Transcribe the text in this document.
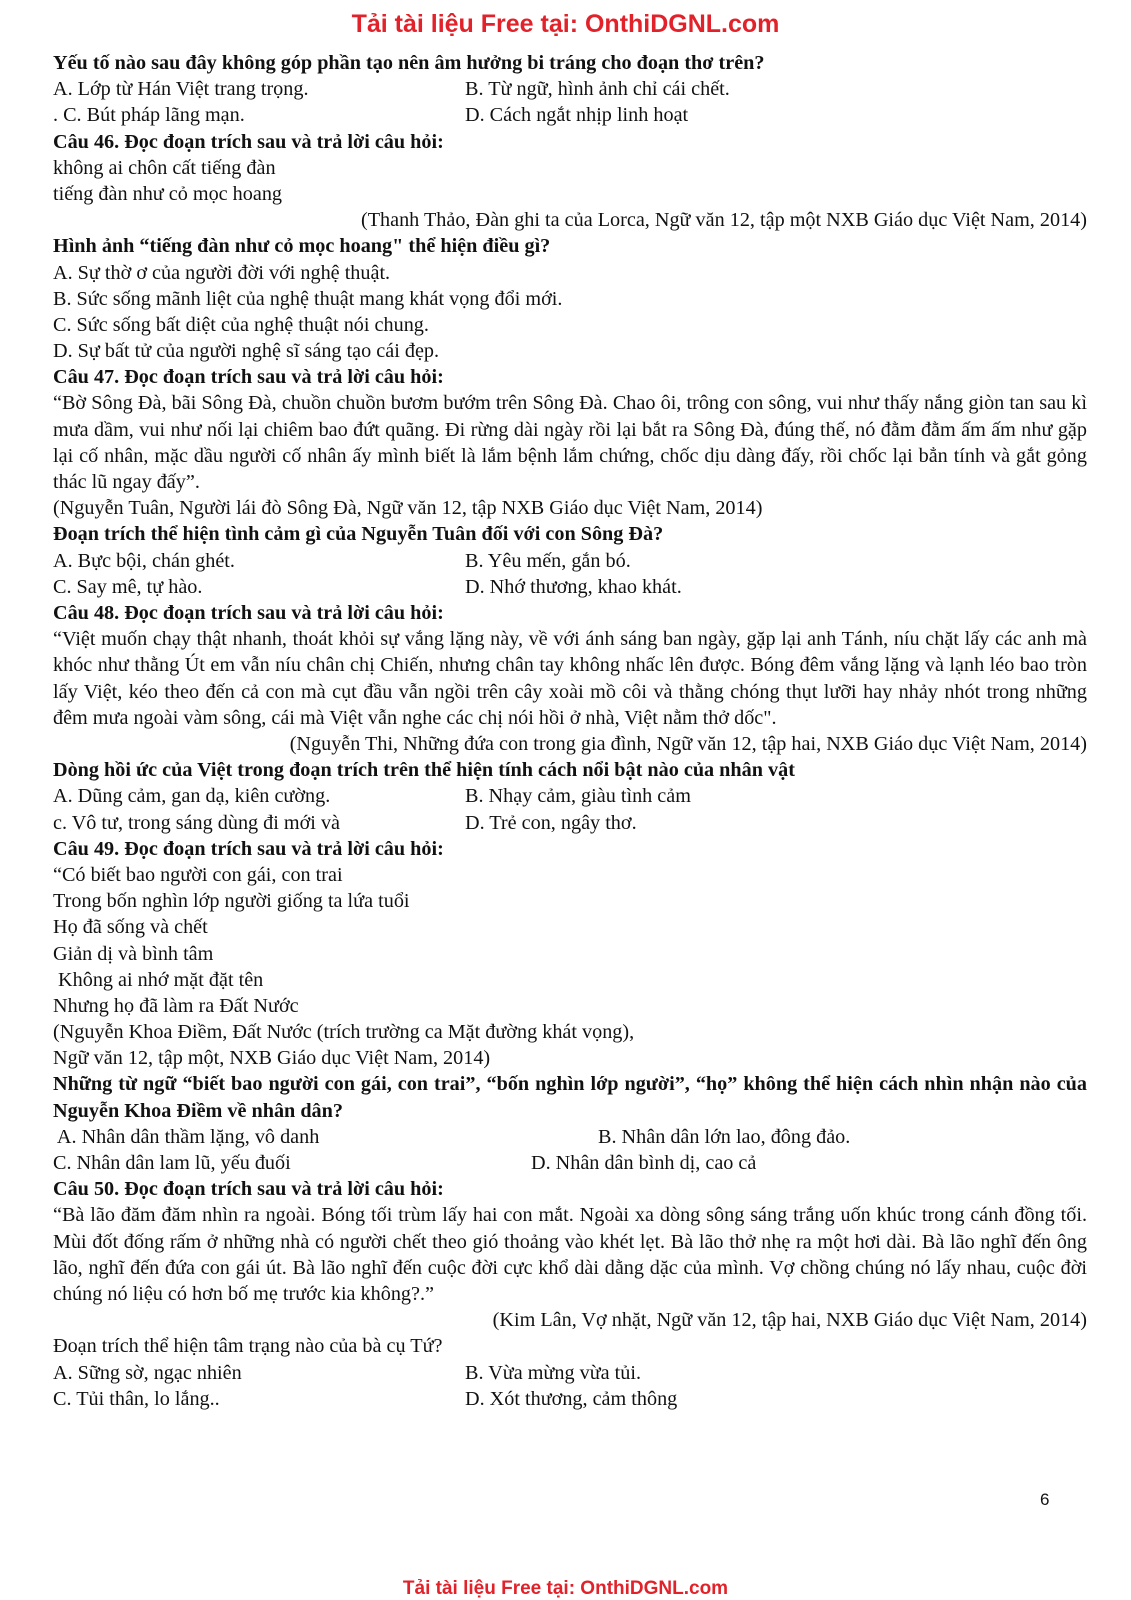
Tải tài liệu Free tại: OnthiDGNL.com
Yếu tố nào sau đây không góp phần tạo nên âm hưởng bi tráng cho đoạn thơ trên?
A. Lớp từ Hán Việt trang trọng.	B. Từ ngữ, hình ảnh chỉ cái chết.
. C. Bút pháp lãng mạn.	D. Cách ngắt nhịp linh hoạt
Câu 46. Đọc đoạn trích sau và trả lời câu hỏi:
không ai chôn cất tiếng đàn
tiếng đàn như cỏ mọc hoang
(Thanh Thảo, Đàn ghi ta của Lorca, Ngữ văn 12, tập một NXB Giáo dục Việt Nam, 2014)
Hình ảnh “tiếng đàn như cỏ mọc hoang" thể hiện điều gì?
A. Sự thờ ơ của người đời với nghệ thuật.
B. Sức sống mãnh liệt của nghệ thuật mang khát vọng đổi mới.
C. Sức sống bất diệt của nghệ thuật nói chung.
D. Sự bất tử của người nghệ sĩ sáng tạo cái đẹp.
Câu 47. Đọc đoạn trích sau và trả lời câu hỏi:
“Bờ Sông Đà, bãi Sông Đà, chuồn chuồn bươm bướm trên Sông Đà. Chao ôi, trông con sông, vui như thấy nắng giòn tan sau kì mưa dầm, vui như nối lại chiêm bao đứt quãng. Đi rừng dài ngày rồi lại bắt ra Sông Đà, đúng thế, nó đằm đằm ấm ấm như gặp lại cố nhân, mặc dầu người cố nhân ấy mình biết là lắm bệnh lắm chứng, chốc dịu dàng đấy, rồi chốc lại bẳn tính và gắt gỏng thác lũ ngay đấy”.
(Nguyễn Tuân, Người lái đò Sông Đà, Ngữ văn 12, tập NXB Giáo dục Việt Nam, 2014)
Đoạn trích thể hiện tình cảm gì của Nguyễn Tuân đối với con Sông Đà?
A. Bực bội, chán ghét.	B. Yêu mến, gắn bó.
C. Say mê, tự hào.	D. Nhớ thương, khao khát.
Câu 48. Đọc đoạn trích sau và trả lời câu hỏi:
“Việt muốn chạy thật nhanh, thoát khỏi sự vắng lặng này, về với ánh sáng ban ngày, gặp lại anh Tánh, níu chặt lấy các anh mà khóc như thằng Út em vẫn níu chân chị Chiến, nhưng chân tay không nhấc lên được. Bóng đêm vắng lặng và lạnh léo bao tròn lấy Việt, kéo theo đến cả con mà cụt đầu vẫn ngồi trên cây xoài mồ côi và thằng chóng thụt lưỡi hay nhảy nhót trong những đêm mưa ngoài vàm sông, cái mà Việt vẫn nghe các chị nói hồi ở nhà, Việt nằm thở dốc".
(Nguyễn Thi, Những đứa con trong gia đình, Ngữ văn 12, tập hai, NXB Giáo dục Việt Nam, 2014)
Dòng hồi ức của Việt trong đoạn trích trên thể hiện tính cách nổi bật nào của nhân vật
A. Dũng cảm, gan dạ, kiên cường.	B. Nhạy cảm, giàu tình cảm
c. Vô tư, trong sáng dùng đi mới và	D. Trẻ con, ngây thơ.
Câu 49. Đọc đoạn trích sau và trả lời câu hỏi:
“Có biết bao người con gái, con trai
Trong bốn nghìn lớp người giống ta lứa tuổi
Họ đã sống và chết
Giản dị và bình tâm
Không ai nhớ mặt đặt tên
Nhưng họ đã làm ra Đất Nước
(Nguyễn Khoa Điềm, Đất Nước (trích trường ca Mặt đường khát vọng),
Ngữ văn 12, tập một, NXB Giáo dục Việt Nam, 2014)
Những từ ngữ “biết bao người con gái, con trai”, “bốn nghìn lớp người”, “họ” không thể hiện cách nhìn nhận nào của Nguyễn Khoa Điềm về nhân dân?
A. Nhân dân thầm lặng, vô danh	B. Nhân dân lớn lao, đông đảo.
C. Nhân dân lam lũ, yếu đuối	D. Nhân dân bình dị, cao cả
Câu 50. Đọc đoạn trích sau và trả lời câu hỏi:
“Bà lão đăm đăm nhìn ra ngoài. Bóng tối trùm lấy hai con mắt. Ngoài xa dòng sông sáng trắng uốn khúc trong cánh đồng tối. Mùi đốt đống rấm ở những nhà có người chết theo gió thoảng vào khét lẹt. Bà lão thở nhẹ ra một hơi dài. Bà lão nghĩ đến ông lão, nghĩ đến đứa con gái út. Bà lão nghĩ đến cuộc đời cực khổ dài dằng dặc của mình. Vợ chồng chúng nó lấy nhau, cuộc đời chúng nó liệu có hơn bố mẹ trước kia không?.”
(Kim Lân, Vợ nhặt, Ngữ văn 12, tập hai, NXB Giáo dục Việt Nam, 2014)
Đoạn trích thể hiện tâm trạng nào của bà cụ Tứ?
A. Sững sờ, ngạc nhiên	B. Vừa mừng vừa tủi.
C. Tủi thân, lo lắng..	D. Xót thương, cảm thông
6
Tải tài liệu Free tại: OnthiDGNL.com
